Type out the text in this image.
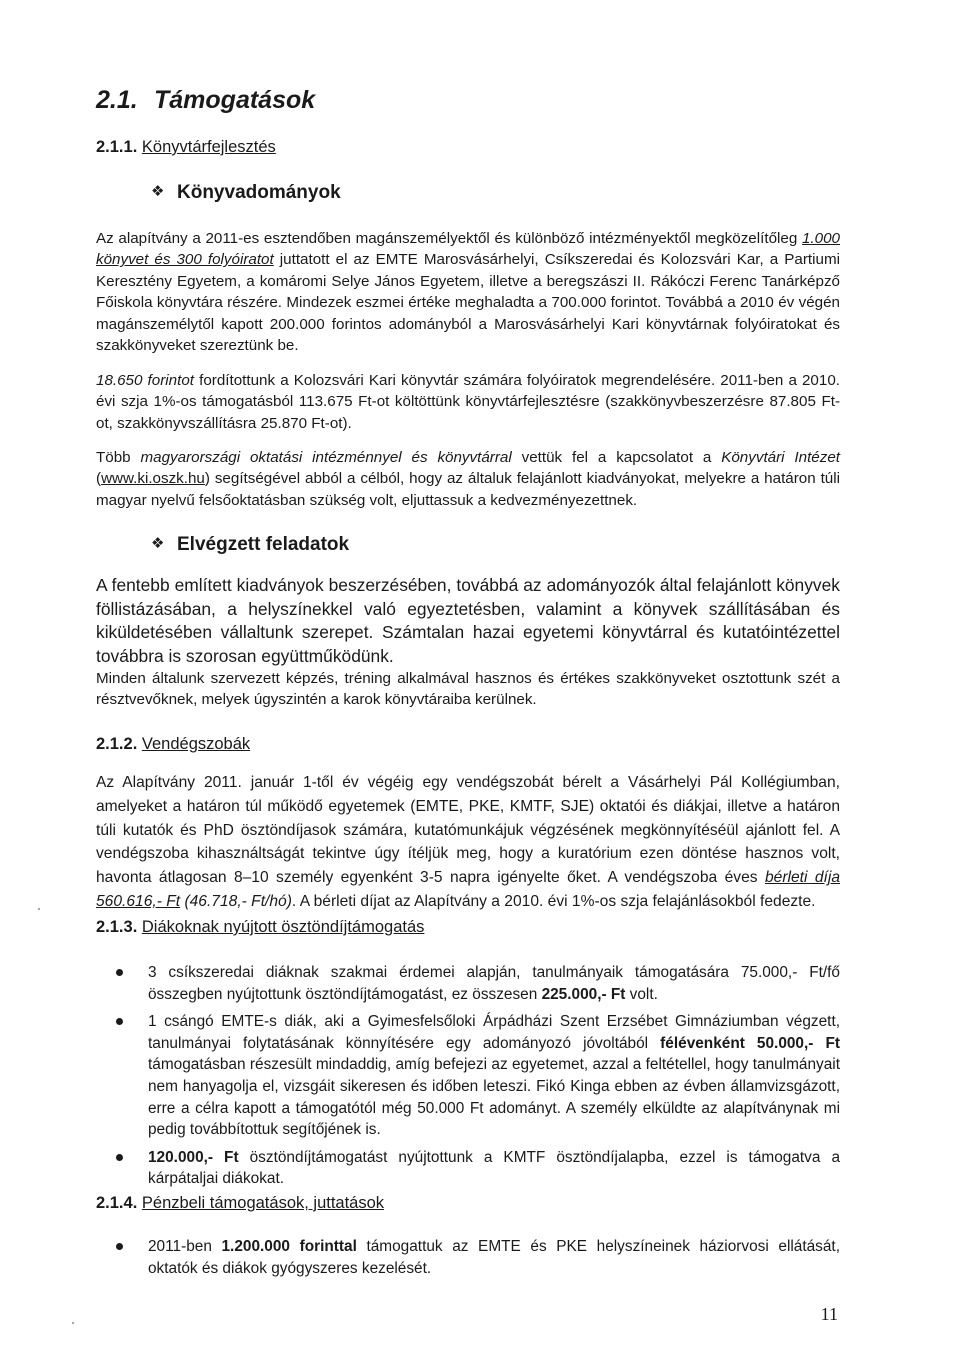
2.1. Támogatások
2.1.1. Könyvtárfejlesztés
❖ Könyvadományok
Az alapítvány a 2011-es esztendőben magánszemélyektől és különböző intézményektől megközelítőleg 1.000 könyvet és 300 folyóiratot juttatott el az EMTE Marosvásárhelyi, Csíkszeredai és Kolozsvári Kar, a Partiumi Keresztény Egyetem, a komáromi Selye János Egyetem, illetve a beregszászi II. Rákóczi Ferenc Tanárképző Főiskola könyvtára részére. Mindezek eszmei értéke meghaladta a 700.000 forintot. Továbbá a 2010 év végén magánszemélytől kapott 200.000 forintos adományból a Marosvásárhelyi Kari könyvtárnak folyóiratokat és szakkönyveket szereztünk be.
18.650 forintot fordítottunk a Kolozsvári Kari könyvtár számára folyóiratok megrendelésére. 2011-ben a 2010. évi szja 1%-os támogatásból 113.675 Ft-ot költöttünk könyvtárfejlesztésre (szakkönyvbeszerzésre 87.805 Ft-ot, szakkönyvszállításra 25.870 Ft-ot).
Több magyarországi oktatási intézménnyel és könyvtárral vettük fel a kapcsolatot a Könyvtári Intézet (www.ki.oszk.hu) segítségével abból a célból, hogy az általuk felajánlott kiadványokat, melyekre a határon túli magyar nyelvű felsőoktatásban szükség volt, eljuttassuk a kedvezményezettnek.
❖ Elvégzett feladatok
A fentebb említett kiadványok beszerzésében, továbbá az adományozók által felajánlott könyvek föllistázásában, a helyszínekkel való egyeztetésben, valamint a könyvek szállításában és kiküldetésében vállaltunk szerepet. Számtalan hazai egyetemi könyvtárral és kutatóintézettel továbbra is szorosan együttműködünk.
Minden általunk szervezett képzés, tréning alkalmával hasznos és értékes szakkönyveket osztottunk szét a résztvevőknek, melyek úgyszintén a karok könyvtáraiba kerülnek.
2.1.2. Vendégszobák
Az Alapítvány 2011. január 1-től év végéig egy vendégszobát bérelt a Vásárhelyi Pál Kollégiumban, amelyeket a határon túl működő egyetemek (EMTE, PKE, KMTF, SJE) oktatói és diákjai, illetve a határon túli kutatók és PhD ösztöndíjasok számára, kutatómunkájuk végzésének megkönnyítéséül ajánlott fel. A vendégszoba kihasználtságát tekintve úgy ítéljük meg, hogy a kuratórium ezen döntése hasznos volt, havonta átlagosan 8–10 személy egyenként 3-5 napra igényelte őket. A vendégszoba éves bérleti díja 560.616,- Ft (46.718,- Ft/hó). A bérleti díjat az Alapítvány a 2010. évi 1%-os szja felajánlásokból fedezte.
2.1.3. Diákoknak nyújtott ösztöndíjtámogatás
3 csíkszeredai diáknak szakmai érdemei alapján, tanulmányaik támogatására 75.000,- Ft/fő összegben nyújtottunk ösztöndíjtámogatást, ez összesen 225.000,- Ft volt.
1 csángó EMTE-s diák, aki a Gyimesfelsőloki Árpádházi Szent Erzsébet Gimnáziumban végzett, tanulmányai folytatásának könnyítésére egy adományozó jóvoltából félévenként 50.000,- Ft támogatásban részesült mindaddig, amíg befejezi az egyetemet, azzal a feltétellel, hogy tanulmányait nem hanyagolja el, vizsgáit sikeresen és időben leteszi. Fikó Kinga ebben az évben államvizsgázott, erre a célra kapott a támogatótól még 50.000 Ft adományt. A személy elküldte az alapítványnak mi pedig továbbítottuk segítőjének is.
120.000,- Ft ösztöndíjtámogatást nyújtottunk a KMTF ösztöndíjalapba, ezzel is támogatva a kárpátaljai diákokat.
2.1.4. Pénzbeli támogatások, juttatások
2011-ben 1.200.000 forinttal támogattuk az EMTE és PKE helyszíneinek háziorvosi ellátását, oktatók és diákok gyógyszeres kezelését.
11
